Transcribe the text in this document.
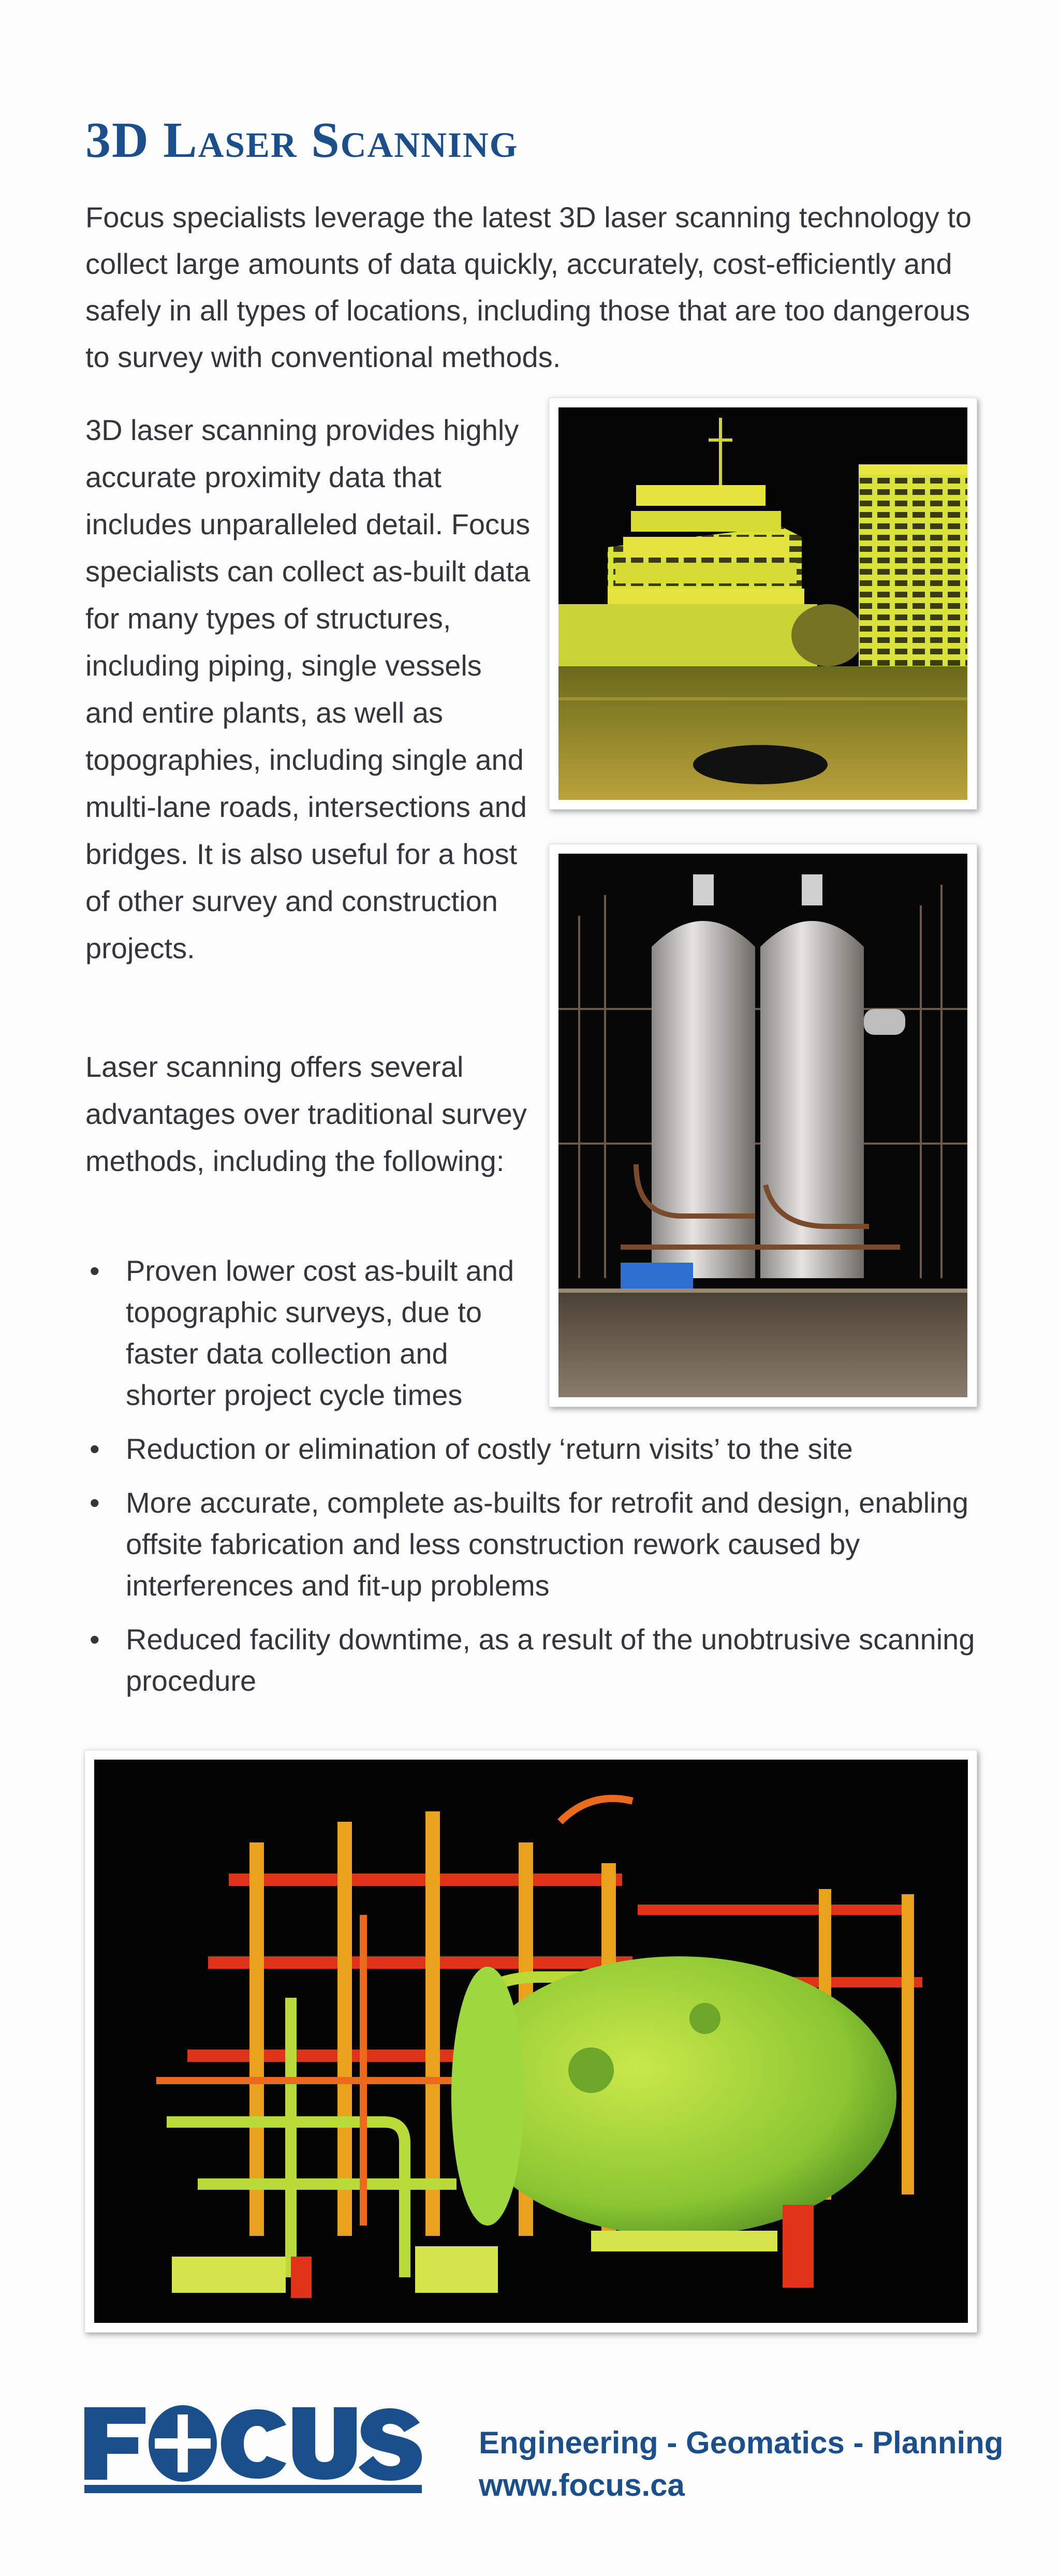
3D Laser Scanning

Focus specialists leverage the latest 3D laser scanning technology to collect large amounts of data quickly, accurately, cost-efficiently and safely in all types of locations, including those that are too dangerous to survey with conventional methods.

3D laser scanning provides highly accurate proximity data that includes unparalleled detail. Focus specialists can collect as-built data for many types of structures, including piping, single vessels and entire plants, as well as topographies, including single and multi-lane roads, intersections and bridges. It is also useful for a host of other survey and construction projects.

Laser scanning offers several advantages over traditional survey methods, including the following:

• Proven lower cost as-built and topographic surveys, due to faster data collection and shorter project cycle times
• Reduction or elimination of costly ‘return visits’ to the site
• More accurate, complete as-builts for retrofit and design, enabling offsite fabrication and less construction rework caused by interferences and fit-up problems
• Reduced facility downtime, as a result of the unobtrusive scanning procedure
FOCUS
Engineering - Geomatics - Planning
www.focus.ca
